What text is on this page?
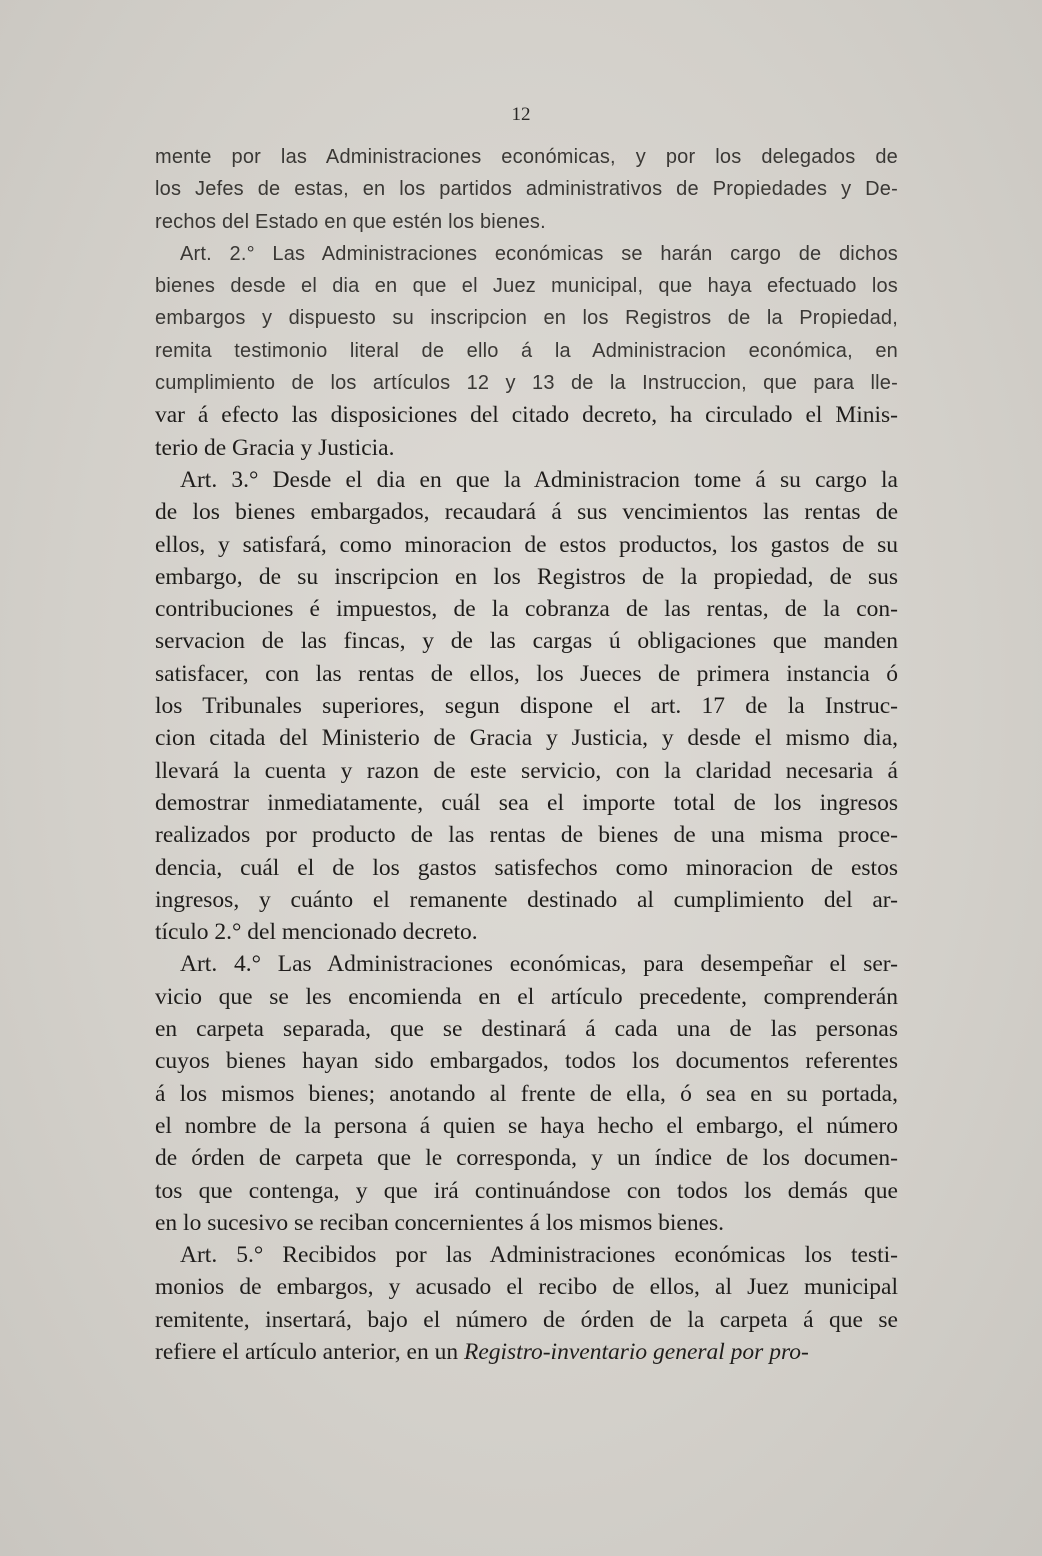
12
mente por las Administraciones económicas, y por los delegados de
los Jefes de estas, en los partidos administrativos de Propiedades y De-
rechos del Estado en que estén los bienes.
Art. 2.° Las Administraciones económicas se harán cargo de dichos
bienes desde el dia en que el Juez municipal, que haya efectuado los
embargos y dispuesto su inscripcion en los Registros de la Propiedad,
remita testimonio literal de ello á la Administracion económica, en
cumplimiento de los artículos 12 y 13 de la Instruccion, que para lle-
var á efecto las disposiciones del citado decreto, ha circulado el Minis-
terio de Gracia y Justicia.
Art. 3.° Desde el dia en que la Administracion tome á su cargo la
de los bienes embargados, recaudará á sus vencimientos las rentas de
ellos, y satisfará, como minoracion de estos productos, los gastos de su
embargo, de su inscripcion en los Registros de la propiedad, de sus
contribuciones é impuestos, de la cobranza de las rentas, de la con-
servacion de las fincas, y de las cargas ú obligaciones que manden
satisfacer, con las rentas de ellos, los Jueces de primera instancia ó
los Tribunales superiores, segun dispone el art. 17 de la Instruc-
cion citada del Ministerio de Gracia y Justicia, y desde el mismo dia,
llevará la cuenta y razon de este servicio, con la claridad necesaria á
demostrar inmediatamente, cuál sea el importe total de los ingresos
realizados por producto de las rentas de bienes de una misma proce-
dencia, cuál el de los gastos satisfechos como minoracion de estos
ingresos, y cuánto el remanente destinado al cumplimiento del ar-
tículo 2.° del mencionado decreto.
Art. 4.° Las Administraciones económicas, para desempeñar el ser-
vicio que se les encomienda en el artículo precedente, comprenderán
en carpeta separada, que se destinará á cada una de las personas
cuyos bienes hayan sido embargados, todos los documentos referentes
á los mismos bienes; anotando al frente de ella, ó sea en su portada,
el nombre de la persona á quien se haya hecho el embargo, el número
de órden de carpeta que le corresponda, y un índice de los documen-
tos que contenga, y que irá continuándose con todos los demás que
en lo sucesivo se reciban concernientes á los mismos bienes.
Art. 5.° Recibidos por las Administraciones económicas los testi-
monios de embargos, y acusado el recibo de ellos, al Juez municipal
remitente, insertará, bajo el número de órden de la carpeta á que se
refiere el artículo anterior, en un Registro-inventario general por pro-
